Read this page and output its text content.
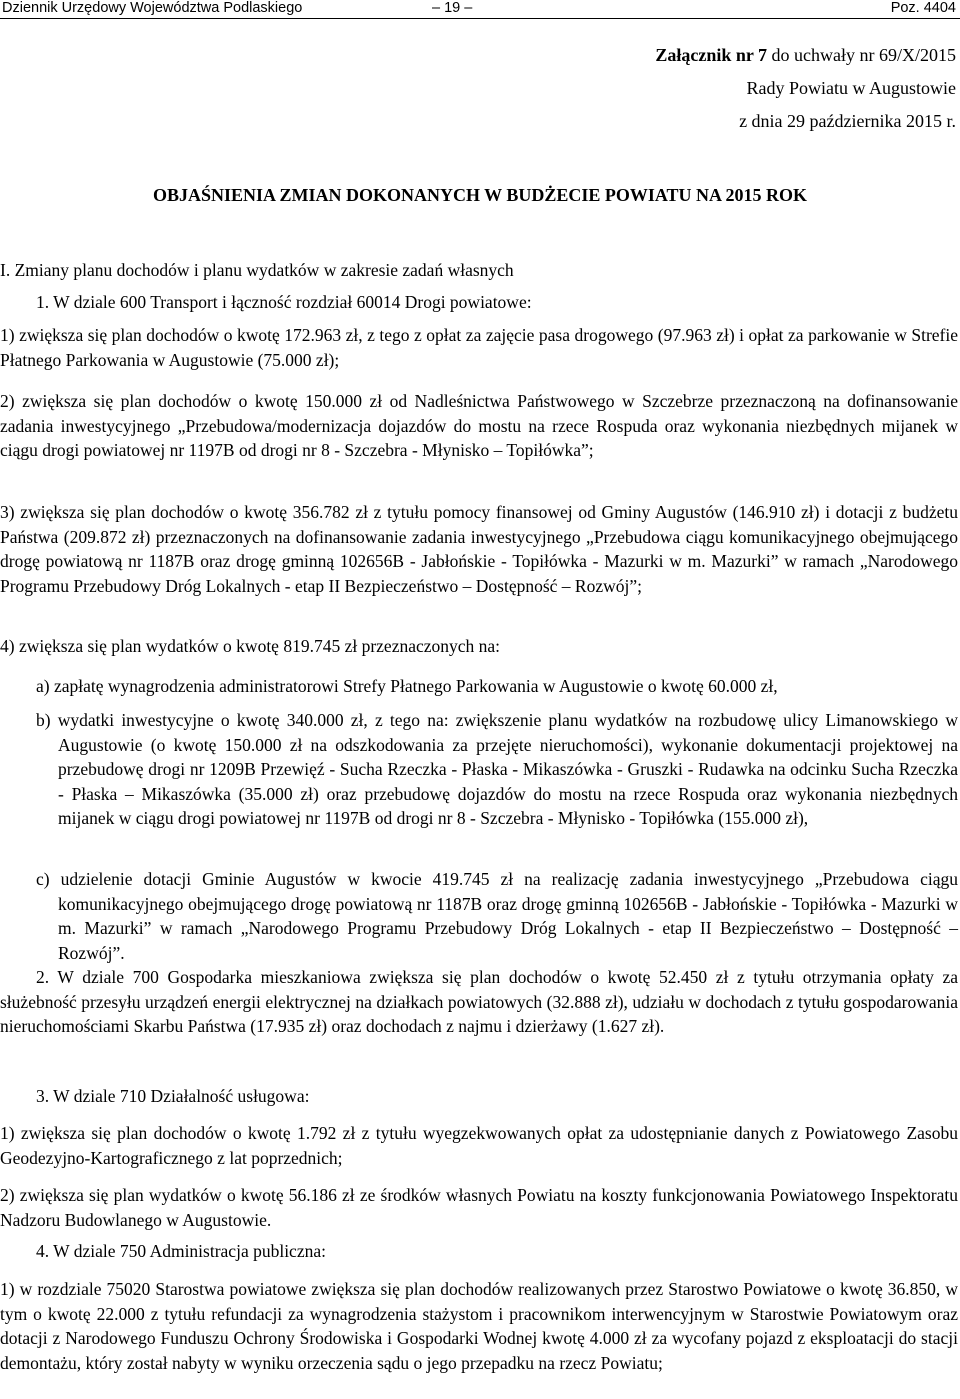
Dziennik Urzędowy Województwa Podlaskiego	– 19 –	Poz. 4404
Załącznik nr 7 do uchwały nr 69/X/2015
Rady Powiatu w Augustowie
z dnia 29 października 2015 r.
OBJAŚNIENIA ZMIAN DOKONANYCH W BUDŻECIE POWIATU NA 2015 ROK
I. Zmiany planu dochodów i planu wydatków w zakresie zadań własnych
1. W dziale 600 Transport i łączność rozdział 60014 Drogi powiatowe:
1) zwiększa się plan dochodów o kwotę 172.963 zł, z tego z opłat za zajęcie pasa drogowego (97.963 zł) i opłat za parkowanie w Strefie Płatnego Parkowania w Augustowie (75.000 zł);
2) zwiększa się plan dochodów o kwotę 150.000 zł od Nadleśnictwa Państwowego w Szczebrze przeznaczoną na dofinansowanie zadania inwestycyjnego „Przebudowa/modernizacja dojazdów do mostu na rzece Rospuda oraz wykonania niezbędnych mijanek w ciągu drogi powiatowej nr 1197B od drogi nr 8 - Szczebra - Młynisko – Topiłówka”;
3) zwiększa się plan dochodów o kwotę 356.782 zł z tytułu pomocy finansowej od Gminy Augustów (146.910 zł) i dotacji z budżetu Państwa (209.872 zł) przeznaczonych na dofinansowanie zadania inwestycyjnego „Przebudowa ciągu komunikacyjnego obejmującego drogę powiatową nr 1187B oraz drogę gminną 102656B - Jabłońskie - Topiłówka - Mazurki w m. Mazurki” w ramach „Narodowego Programu Przebudowy Dróg Lokalnych - etap II Bezpieczeństwo – Dostępność – Rozwój”;
4) zwiększa się plan wydatków o kwotę 819.745 zł przeznaczonych na:
a) zapłatę wynagrodzenia administratorowi Strefy Płatnego Parkowania w Augustowie o kwotę 60.000 zł,
b) wydatki inwestycyjne o kwotę 340.000 zł, z tego na: zwiększenie planu wydatków na rozbudowę ulicy Limanowskiego w Augustowie (o kwotę 150.000 zł na odszkodowania za przejęte nieruchomości), wykonanie dokumentacji projektowej na przebudowę drogi nr 1209B Przewięź - Sucha Rzeczka - Płaska - Mikaszówka - Gruszki - Rudawka na odcinku Sucha Rzeczka - Płaska – Mikaszówka (35.000 zł) oraz przebudowę dojazdów do mostu na rzece Rospuda oraz wykonania niezbędnych mijanek w ciągu drogi powiatowej nr 1197B od drogi nr 8 - Szczebra - Młynisko - Topiłówka (155.000 zł),
c) udzielenie dotacji Gminie Augustów w kwocie 419.745 zł na realizację zadania inwestycyjnego „Przebudowa ciągu komunikacyjnego obejmującego drogę powiatową nr 1187B oraz drogę gminną 102656B - Jabłońskie - Topiłówka - Mazurki w m. Mazurki” w ramach „Narodowego Programu Przebudowy Dróg Lokalnych - etap II Bezpieczeństwo – Dostępność – Rozwój”.
2. W dziale 700 Gospodarka mieszkaniowa zwiększa się plan dochodów o kwotę 52.450 zł z tytułu otrzymania opłaty za służebność przesyłu urządzeń energii elektrycznej na działkach powiatowych (32.888 zł), udziału w dochodach z tytułu gospodarowania nieruchomościami Skarbu Państwa (17.935 zł) oraz dochodach z najmu i dzierżawy (1.627 zł).
3. W dziale 710 Działalność usługowa:
1) zwiększa się plan dochodów o kwotę 1.792 zł z tytułu wyegzekwowanych opłat za udostępnianie danych z Powiatowego Zasobu Geodezyjno-Kartograficznego z lat poprzednich;
2) zwiększa się plan wydatków o kwotę 56.186 zł ze środków własnych Powiatu na koszty funkcjonowania Powiatowego Inspektoratu Nadzoru Budowlanego w Augustowie.
4. W dziale 750 Administracja publiczna:
1) w rozdziale 75020 Starostwa powiatowe zwiększa się plan dochodów realizowanych przez Starostwo Powiatowe o kwotę 36.850, w tym o kwotę 22.000 z tytułu refundacji za wynagrodzenia stażystom i pracownikom interwencyjnym w Starostwie Powiatowym oraz dotacji z Narodowego Funduszu Ochrony Środowiska i Gospodarki Wodnej kwotę 4.000 zł za wycofany pojazd z eksploatacji do stacji demontażu, który został nabyty w wyniku orzeczenia sądu o jego przepadku na rzecz Powiatu;
